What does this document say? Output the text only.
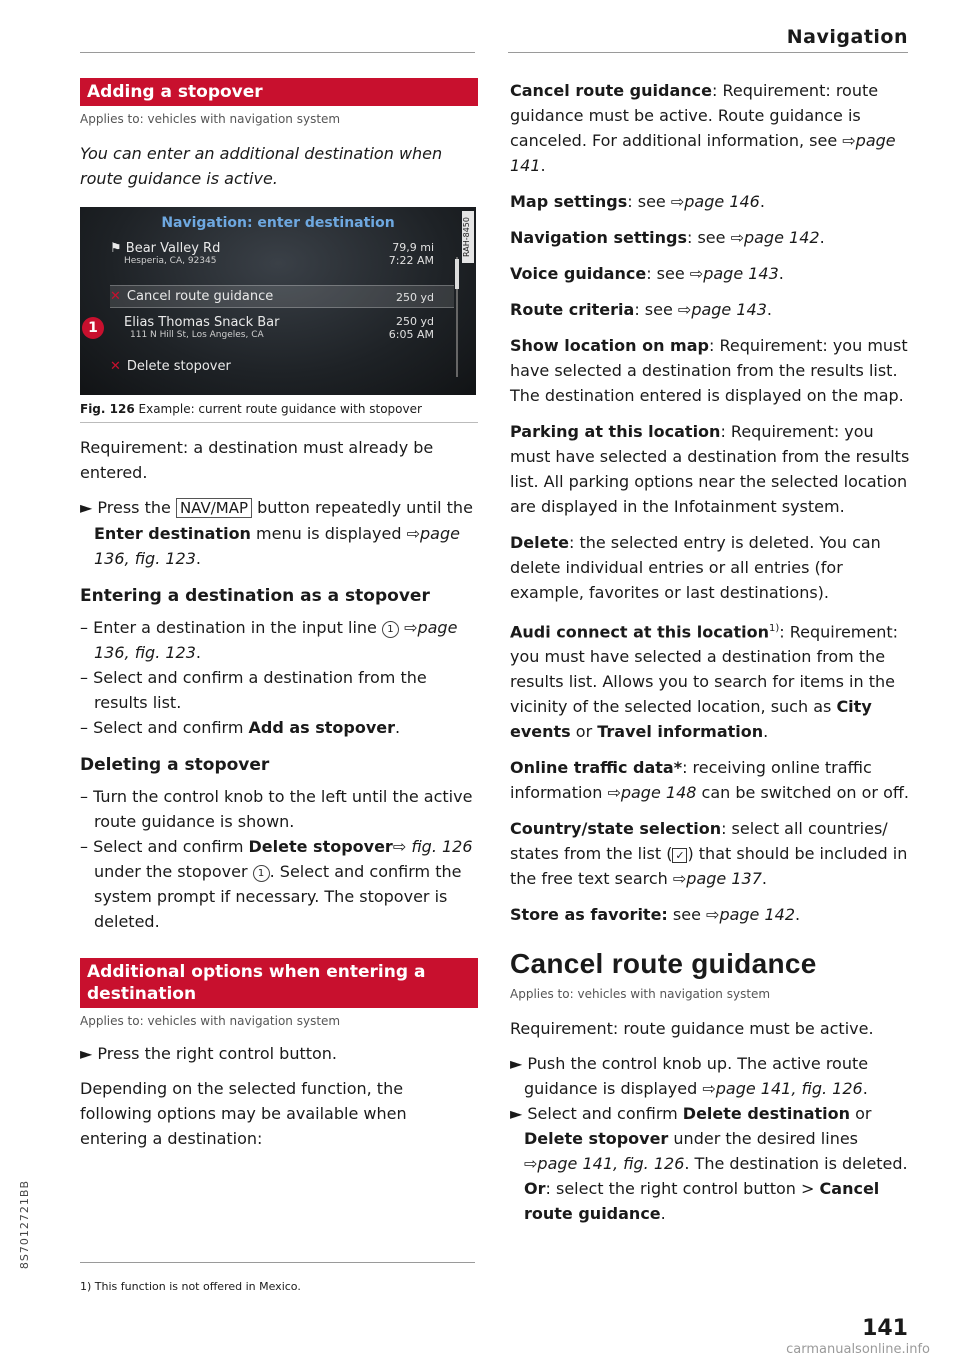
Navigation
Adding a stopover
Applies to: vehicles with navigation system

You can enter an additional destination when route guidance is active.

Navigation: enter destination	RAH-8450
⚑ Bear Valley Rd
Hesperia, CA, 92345
79,9 mi
7:22 AM
✕ Cancel route guidance	250 yd
Elias Thomas Snack Bar
111 N Hill St, Los Angeles, CA
250 yd
6:05 AM
✕ Delete stopover
1
Fig. 126 Example: current route guidance with stopover

Requirement: a destination must already be entered.

► Press the NAV/MAP button repeatedly until the Enter destination menu is displayed ⇨page 136, fig. 123.

Entering a destination as a stopover

– Enter a destination in the input line 1 ⇨page 136, fig. 123.

– Select and confirm a destination from the results list.

– Select and confirm Add as stopover.

Deleting a stopover

– Turn the control knob to the left until the active route guidance is shown.

– Select and confirm Delete stopover⇨ fig. 126 under the stopover 1 . Select and confirm the system prompt if necessary. The stopover is deleted.

Additional options when entering a destination
Applies to: vehicles with navigation system

► Press the right control button.

Depending on the selected function, the following options may be available when entering a destination:

Cancel route guidance: Requirement: route guidance must be active. Route guidance is canceled. For additional information, see ⇨page 141.

Map settings: see ⇨page 146.

Navigation settings: see ⇨page 142.

Voice guidance: see ⇨page 143.

Route criteria: see ⇨page 143.

Show location on map: Requirement: you must have selected a destination from the results list. The destination entered is displayed on the map.

Parking at this location: Requirement: you must have selected a destination from the results list. All parking options near the selected location are displayed in the Infotainment system.

Delete: the selected entry is deleted. You can delete individual entries or all entries (for example, favorites or last destinations).

Audi connect at this location$^{1)}$: Requirement: you must have selected a destination from the results list. Allows you to search for items in the vicinity of the selected location, such as City events or Travel information.

Online traffic data*: receiving online traffic information ⇨page 148 can be switched on or off.

Country/state selection: select all countries/ states from the list ( ✓ ) that should be included in the free text search ⇨page 137.

Store as favorite: see ⇨page 142.

Cancel route guidance
Applies to: vehicles with navigation system

Requirement: route guidance must be active.

► Push the control knob up. The active route guidance is displayed ⇨page 141, fig. 126.

► Select and confirm Delete destination or Delete stopover under the desired lines ⇨page 141, fig. 126. The destination is deleted. Or: select the right control button > Cancel route guidance.

1) This function is not offered in Mexico.
141
8S7012721BB
carmanualsonline.info
